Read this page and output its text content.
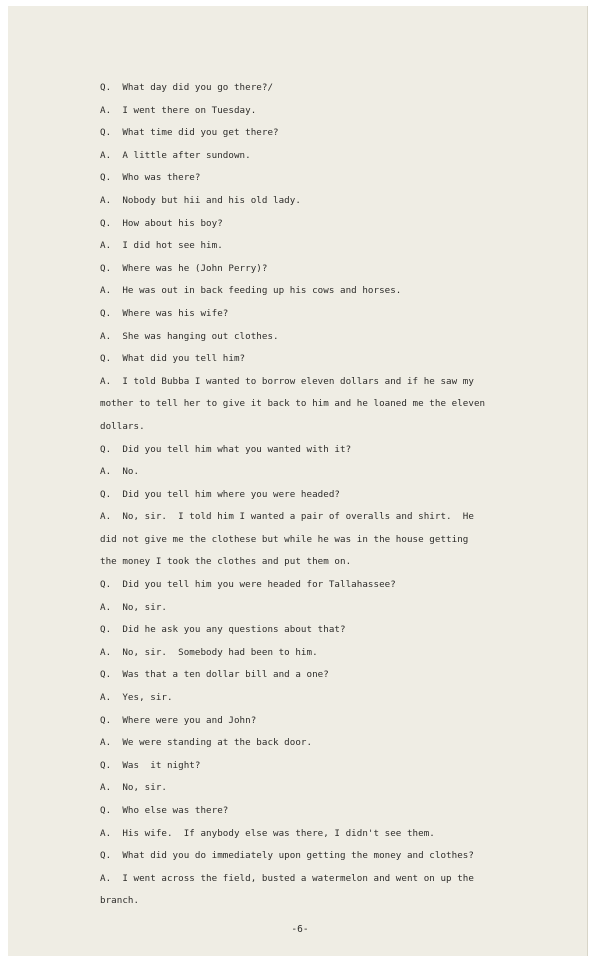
Q.  What day did you go there?/
A.  I went there on Tuesday.
Q.  What time did you get there?
A.  A little after sundown.
Q.  Who was there?
A.  Nobody but hii and his old lady.
Q.  How about his boy?
A.  I did hot see him.
Q.  Where was he (John Perry)?
A.  He was out in back feeding up his cows and horses.
Q.  Where was his wife?
A.  She was hanging out clothes.
Q.  What did you tell him?
A.  I told Bubba I wanted to borrow eleven dollars and if he saw my
mother to tell her to give it back to him and he loaned me the eleven
dollars.
Q.  Did you tell him what you wanted with it?
A.  No.
Q.  Did you tell him where you were headed?
A.  No, sir.  I told him I wanted a pair of overalls and shirt.  He
did not give me the clothese but while he was in the house getting
the money I took the clothes and put them on.
Q.  Did you tell him you were headed for Tallahassee?
A.  No, sir.
Q.  Did he ask you any questions about that?
A.  No, sir.  Somebody had been to him.
Q.  Was that a ten dollar bill and a one?
A.  Yes, sir.
Q.  Where were you and John?
A.  We were standing at the back door.
Q.  Was  it night?
A.  No, sir.
Q.  Who else was there?
A.  His wife.  If anybody else was there, I didn't see them.
Q.  What did you do immediately upon getting the money and clothes?
A.  I went across the field, busted a watermelon and went on up the
branch.
-6-
